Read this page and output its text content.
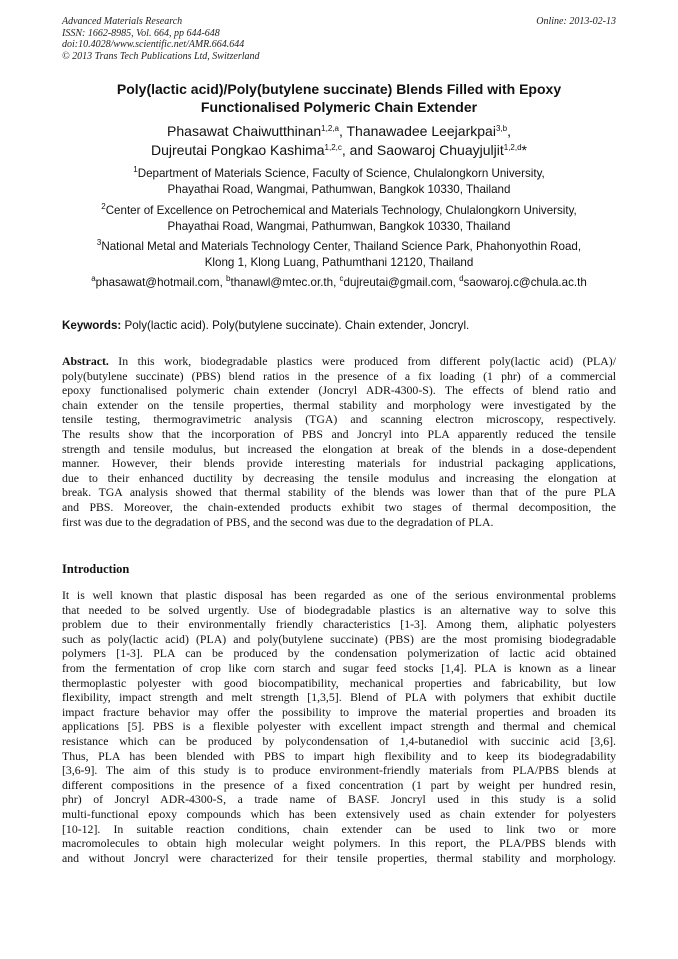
Advanced Materials Research
ISSN: 1662-8985, Vol. 664, pp 644-648
doi:10.4028/www.scientific.net/AMR.664.644
© 2013 Trans Tech Publications Ltd, Switzerland
Online: 2013-02-13
Poly(lactic acid)/Poly(butylene succinate) Blends Filled with Epoxy
Functionalised Polymeric Chain Extender
Phasawat Chaiwutthinan$^{1,2,a}$, Thanawadee Leejarkpai$^{3,b}$,
Dujreutai Pongkao Kashima$^{1,2,c}$, and Saowaroj Chuayjuljit$^{1,2,d}$*
$^1$Department of Materials Science, Faculty of Science, Chulalongkorn University,
Phayathai Road, Wangmai, Pathumwan, Bangkok 10330, Thailand
$^2$Center of Excellence on Petrochemical and Materials Technology, Chulalongkorn University,
Phayathai Road, Wangmai, Pathumwan, Bangkok 10330, Thailand
$^3$National Metal and Materials Technology Center, Thailand Science Park, Phahonyothin Road,
Klong 1, Klong Luang, Pathumthani 12120, Thailand
$^a$phasawat@hotmail.com, $^b$thanawl@mtec.or.th, $^c$dujreutai@gmail.com, $^d$saowaroj.c@chula.ac.th
Keywords: Poly(lactic acid). Poly(butylene succinate). Chain extender, Joncryl.
Abstract. In this work, biodegradable plastics were produced from different poly(lactic acid) (PLA)/
poly(butylene succinate) (PBS) blend ratios in the presence of a fix loading (1 phr) of a commercial
epoxy functionalised polymeric chain extender (Joncryl ADR-4300-S). The effects of blend ratio and
chain extender on the tensile properties, thermal stability and morphology were investigated by the
tensile testing, thermogravimetric analysis (TGA) and scanning electron microscopy, respectively.
The results show that the incorporation of PBS and Joncryl into PLA apparently reduced the tensile
strength and tensile modulus, but increased the elongation at break of the blends in a dose-dependent
manner. However, their blends provide interesting materials for industrial packaging applications,
due to their enhanced ductility by decreasing the tensile modulus and increasing the elongation at
break. TGA analysis showed that thermal stability of the blends was lower than that of the pure PLA
and PBS. Moreover, the chain-extended products exhibit two stages of thermal decomposition, the
first was due to the degradation of PBS, and the second was due to the degradation of PLA.
Introduction
It is well known that plastic disposal has been regarded as one of the serious environmental problems
that needed to be solved urgently. Use of biodegradable plastics is an alternative way to solve this
problem due to their environmentally friendly characteristics [1-3]. Among them, aliphatic polyesters
such as poly(lactic acid) (PLA) and poly(butylene succinate) (PBS) are the most promising biodegradable
polymers [1-3]. PLA can be produced by the condensation polymerization of lactic acid obtained
from the fermentation of crop like corn starch and sugar feed stocks [1,4]. PLA is known as a linear
thermoplastic polyester with good biocompatibility, mechanical properties and fabricability, but low
flexibility, impact strength and melt strength [1,3,5]. Blend of PLA with polymers that exhibit ductile
impact fracture behavior may offer the possibility to improve the material properties and broaden its
applications [5]. PBS is a flexible polyester with excellent impact strength and thermal and chemical
resistance which can be produced by polycondensation of 1,4-butanediol with succinic acid [3,6].
Thus, PLA has been blended with PBS to impart high flexibility and to keep its biodegradability
[3,6-9]. The aim of this study is to produce environment-friendly materials from PLA/PBS blends at
different compositions in the presence of a fixed concentration (1 part by weight per hundred resin,
phr) of Joncryl ADR-4300-S, a trade name of BASF. Joncryl used in this study is a solid
multi-functional epoxy compounds which has been extensively used as chain extender for polyesters
[10-12]. In suitable reaction conditions, chain extender can be used to link two or more
macromolecules to obtain high molecular weight polymers. In this report, the PLA/PBS blends with
and without Joncryl were characterized for their tensile properties, thermal stability and morphology.
